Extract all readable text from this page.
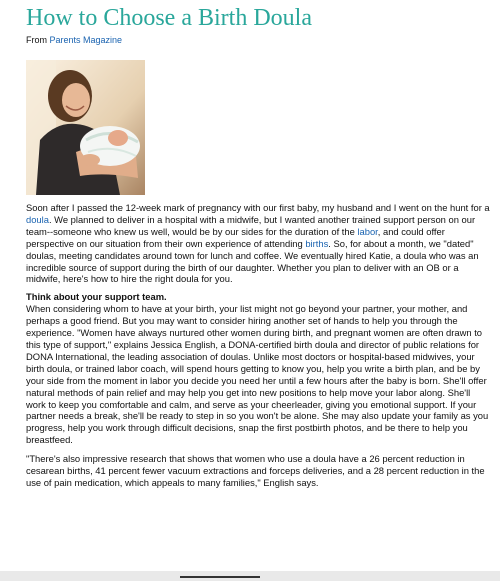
How to Choose a Birth Doula
From Parents Magazine

Soon after I passed the 12-week mark of pregnancy with our first baby, my husband and I went on the hunt for a doula. We planned to deliver in a hospital with a midwife, but I wanted another trained support person on our team--someone who knew us well, would be by our sides for the duration of the labor, and could offer perspective on our situation from their own experience of attending births. So, for about a month, we "dated" doulas, meeting candidates around town for lunch and coffee. We eventually hired Katie, a doula who was an incredible source of support during the birth of our daughter. Whether you plan to deliver with an OB or a midwife, here's how to hire the right doula for you.

Think about your support team.
When considering whom to have at your birth, your list might not go beyond your partner, your mother, and perhaps a good friend. But you may want to consider hiring another set of hands to help you through the experience. "Women have always nurtured other women during birth, and pregnant women are often drawn to this type of support," explains Jessica English, a DONA-certified birth doula and director of public relations for DONA International, the leading association of doulas. Unlike most doctors or hospital-based midwives, your birth doula, or trained labor coach, will spend hours getting to know you, help you write a birth plan, and be by your side from the moment in labor you decide you need her until a few hours after the baby is born. She'll offer natural methods of pain relief and may help you get into new positions to help move your labor along. She'll work to keep you comfortable and calm, and serve as your cheerleader, giving you emotional support. If your partner needs a break, she'll be ready to step in so you won't be alone. She may also update your family as you progress, help you work through difficult decisions, snap the first postbirth photos, and be there to help you breastfeed.

"There's also impressive research that shows that women who use a doula have a 26 percent reduction in cesarean births, 41 percent fewer vacuum extractions and forceps deliveries, and a 28 percent reduction in the use of pain medication, which appeals to many families," English says.
